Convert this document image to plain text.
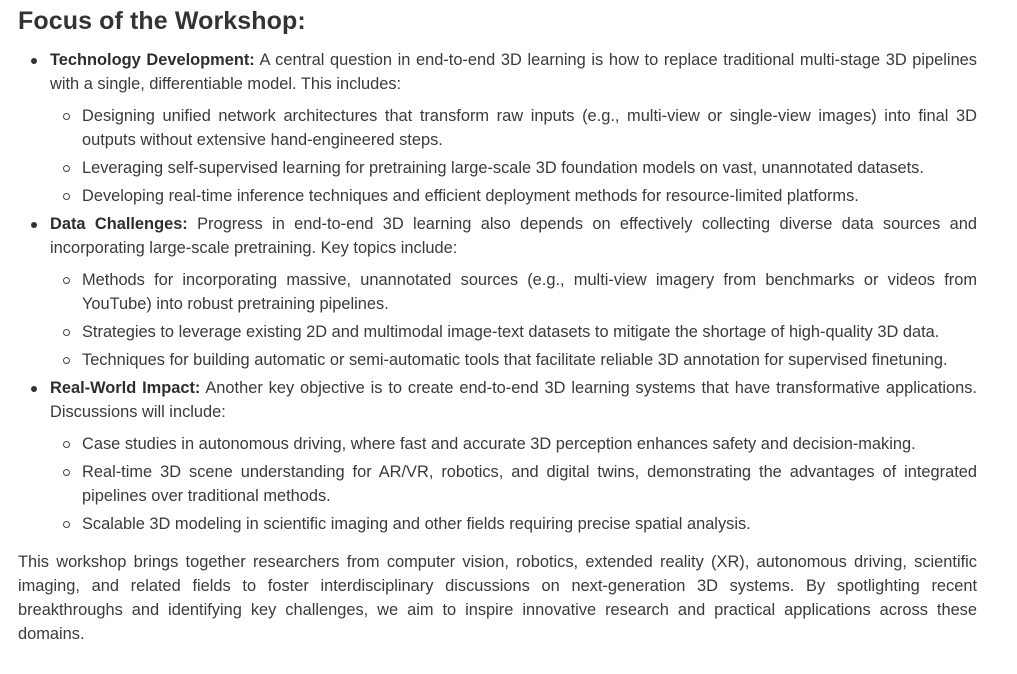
Focus of the Workshop:
Technology Development: A central question in end-to-end 3D learning is how to replace traditional multi-stage 3D pipelines with a single, differentiable model. This includes:
Designing unified network architectures that transform raw inputs (e.g., multi-view or single-view images) into final 3D outputs without extensive hand-engineered steps.
Leveraging self-supervised learning for pretraining large-scale 3D foundation models on vast, unannotated datasets.
Developing real-time inference techniques and efficient deployment methods for resource-limited platforms.
Data Challenges: Progress in end-to-end 3D learning also depends on effectively collecting diverse data sources and incorporating large-scale pretraining. Key topics include:
Methods for incorporating massive, unannotated sources (e.g., multi-view imagery from benchmarks or videos from YouTube) into robust pretraining pipelines.
Strategies to leverage existing 2D and multimodal image-text datasets to mitigate the shortage of high-quality 3D data.
Techniques for building automatic or semi-automatic tools that facilitate reliable 3D annotation for supervised finetuning.
Real-World Impact: Another key objective is to create end-to-end 3D learning systems that have transformative applications. Discussions will include:
Case studies in autonomous driving, where fast and accurate 3D perception enhances safety and decision-making.
Real-time 3D scene understanding for AR/VR, robotics, and digital twins, demonstrating the advantages of integrated pipelines over traditional methods.
Scalable 3D modeling in scientific imaging and other fields requiring precise spatial analysis.

This workshop brings together researchers from computer vision, robotics, extended reality (XR), autonomous driving, scientific imaging, and related fields to foster interdisciplinary discussions on next-generation 3D systems. By spotlighting recent breakthroughs and identifying key challenges, we aim to inspire innovative research and practical applications across these domains.
